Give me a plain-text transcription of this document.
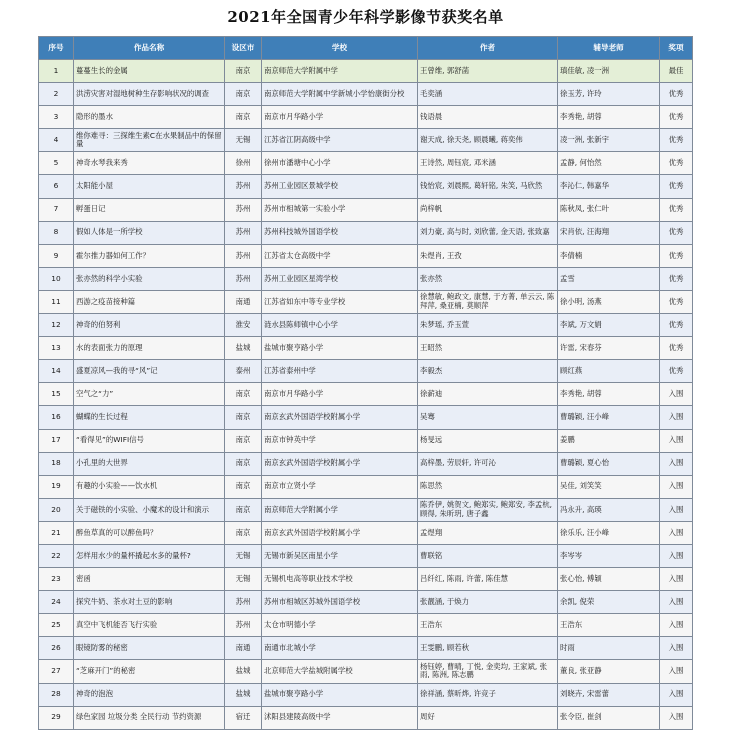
2021年全国青少年科学影像节获奖名单
序号	作品名称	设区市	学校	作者	辅导老师	奖项
1	蔓蔓生长的金属	南京	南京师范大学附属中学	王曾维, 郭舒菡	瑱佳敏, 凌一洲	最佳
2	洪涝灾害对湿地树种生存影响状况的调查	南京	南京师范大学附属中学新城小学怡康街分校	毛奕涵	徐玉芳, 许玲	优秀
3	隐形的墨水	南京	南京市月华路小学	钱语晨	李秀艳, 胡蓉	优秀
4	维你难寻：三探维生素C在水果制品中的保留量	无锡	江苏省江阴高级中学	谢天成, 徐天尧, 顾晨曦, 蒋奕伟	凌一洲, 张新宇	优秀
5	神奇水琴我来秀	徐州	徐州市潘塘中心小学	王诗然, 周钰宸, 邓米涵	孟静, 何怡然	优秀
6	太阳能小屋	苏州	苏州工业园区景城学校	钱怡宸, 刘晨熙, 葛轩铭, 朱笑, 马欣然	李沁仁, 韩嘉华	优秀
7	孵蛋日记	苏州	苏州市相城第一实验小学	尚梓帆	陈秋凤, 张仁叶	优秀
8	假如人体是一所学校	苏州	苏州科技城外国语学校	刘力豪, 高与时, 刘欣蕾, 金天语, 张致嘉	宋肖依, 汪海翔	优秀
9	霍尔推力器如何工作？	苏州	江苏省太仓高级中学	朱煜肖, 王孜	李倩楠	优秀
10	张亦然的科学小实验	苏州	苏州工业园区星湾学校	张亦然	孟雪	优秀
11	西游之疫苗接种篇	南通	江苏省如东中等专业学校	徐慧敏, 鲍政文, 康慧, 于方菁, 单云云, 陈拜萍, 桑亚楠, 莫顺萍	徐小明, 汤燕	优秀
12	神奇的伯努利	淮安	涟水县陈师镇中心小学	朱梦瑶, 乔玉萱	李斌, 万文娟	优秀
13	水的表面张力的原理	盐城	盐城市聚亨路小学	王昭然	许雷, 宋春芬	优秀
14	盛夏凉风—我的寻“风”记	泰州	江苏省泰州中学	李毅杰	顾红燕	优秀
15	空气之“力”	南京	南京市月华路小学	徐薪迪	李秀艳, 胡蓉	入围
16	蝴蝶的生长过程	南京	南京玄武外国语学校附属小学	吴骞	曹璐颖, 汪小峰	入围
17	“看得见”的WIFI信号	南京	南京市钟英中学	杨旻远	姜鹏	入围
18	小孔里的大世界	南京	南京玄武外国语学校附属小学	高梓墨, 劳辰轩, 许可沁	曹璐颖, 夏心怡	入围
19	有趣的小实验——饮水机	南京	南京市立贤小学	陈思然	吴佳, 刘笑笑	入围
20	关于磁铁的小实验、小魔术的设计和演示	南京	南京师范大学附属小学	陈乔伊, 姚贺文, 鲍郑实, 鲍郑安, 李孟杭, 顾得, 朱昕玥, 唐子鑫	冯永升, 高瑛	入围
21	醉鱼草真的可以醉鱼吗？	南京	南京玄武外国语学校附属小学	孟煜翔	徐乐乐, 汪小峰	入围
22	怎样用水少的量杯撬起水多的量杯?	无锡	无锡市新吴区南星小学	曹联铭	李岑岑	入围
23	密函	无锡	无锡机电高等职业技术学校	吕纤红, 陈雨, 许蕾, 陈佳慧	张心怡, 傅颖	入围
24	探究牛奶、茶水对土豆的影响	苏州	苏州市相城区苏城外国语学校	张靓涵, 于焕力	余凯, 倪荣	入围
25	真空中飞机能否飞行实验	苏州	太仓市明德小学	王浩东	王浩东	入围
26	眼镜防雾的秘密	南通	南通市北城小学	王雯鹏, 顾若秋	时雨	入围
27	“芝麻开门”的秘密	盐城	北京师范大学盐城附属学校	杨钰婷, 曹晴, 丁悦, 金奕均, 王家斌, 张雨, 陈洲, 陈志鹏	董良, 张亚静	入围
28	神奇的泡泡	盐城	盐城市聚亨路小学	徐祥涵, 蔡昕烨, 许竞子	刘晓卉, 宋雷蕾	入围
29	绿色家园 垃圾分类 全民行动 节约资源	宿迁	沭阳县建陵高级中学	周好	张令臣, 崔剑	入围
